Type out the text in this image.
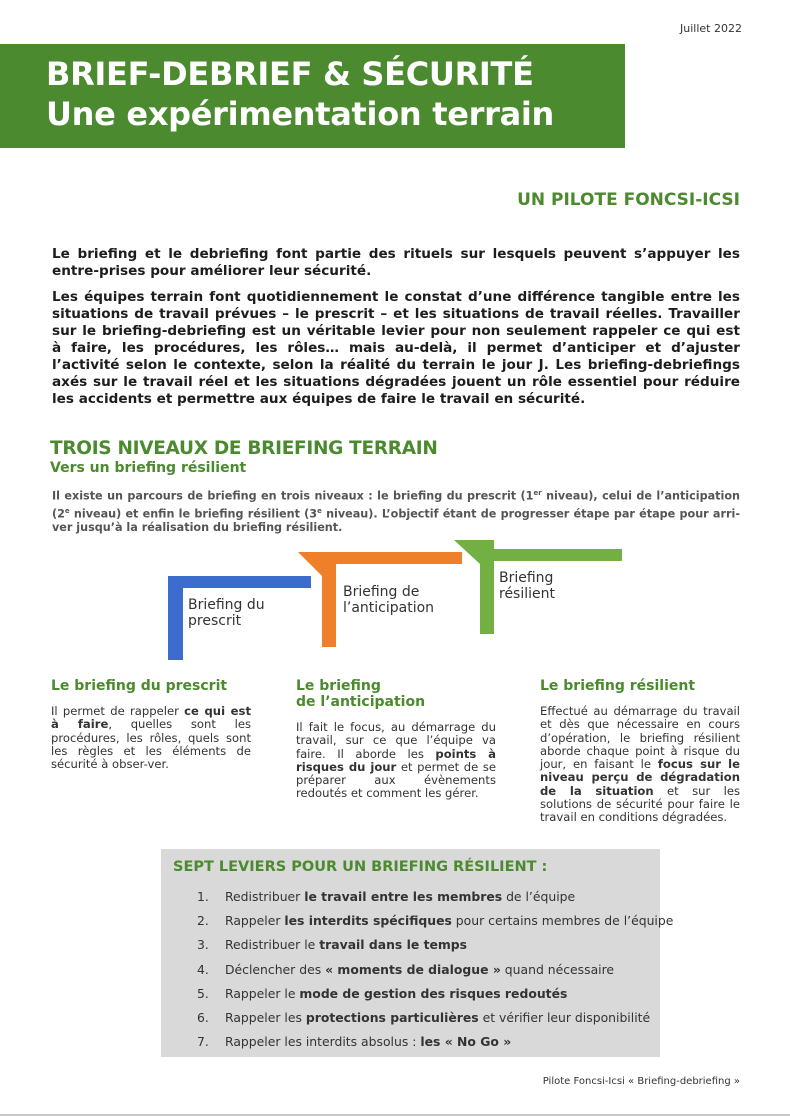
Juillet 2022
BRIEF-DEBRIEF & SÉCURITÉ
Une expérimentation terrain
UN PILOTE FONCSI-ICSI

Le briefing et le debriefing font partie des rituels sur lesquels peuvent s’appuyer les entre-prises pour améliorer leur sécurité.

Les équipes terrain font quotidiennement le constat d’une différence tangible entre les situations de travail prévues – le prescrit – et les situations de travail réelles. Travailler sur le briefing-debriefing est un véritable levier pour non seulement rappeler ce qui est à faire, les procédures, les rôles… mais au-delà, il permet d’anticiper et d’ajuster l’activité selon le contexte, selon la réalité du terrain le jour J. Les briefing-debriefings axés sur le travail réel et les situations dégradées jouent un rôle essentiel pour réduire les accidents et permettre aux équipes de faire le travail en sécurité.

TROIS NIVEAUX DE BRIEFING TERRAIN
Vers un briefing résilient

Il existe un parcours de briefing en trois niveaux : le briefing du prescrit (1er niveau), celui de l’anticipation (2e niveau) et enfin le briefing résilient (3e niveau). L’objectif étant de progresser étape par étape pour arri-ver jusqu’à la réalisation du briefing résilient.

Briefing du
prescrit
Briefing de
l’anticipation
Briefing
résilient
Le briefing du prescrit

Il permet de rappeler ce qui est à faire, quelles sont les procédures, les rôles, quels sont les règles et les éléments de sécurité à obser-ver.

Le briefing
de l’anticipation

Il fait le focus, au démarrage du travail, sur ce que l’équipe va faire. Il aborde les points à risques du jour et permet de se préparer aux évènements redoutés et comment les gérer.

Le briefing résilient

Effectué au démarrage du travail et dès que nécessaire en cours d’opération, le briefing résilient aborde chaque point à risque du jour, en faisant le focus sur le niveau perçu de dégradation de la situation et sur les solutions de sécurité pour faire le travail en conditions dégradées.

SEPT LEVIERS POUR UN BRIEFING RÉSILIENT :
1. Redistribuer le travail entre les membres de l’équipe
2. Rappeler les interdits spécifiques pour certains membres de l’équipe
3. Redistribuer le travail dans le temps
4. Déclencher des « moments de dialogue » quand nécessaire
5. Rappeler le mode de gestion des risques redoutés
6. Rappeler les protections particulières et vérifier leur disponibilité
7. Rappeler les interdits absolus : les « No Go »
Pilote Foncsi-Icsi « Briefing-debriefing »
